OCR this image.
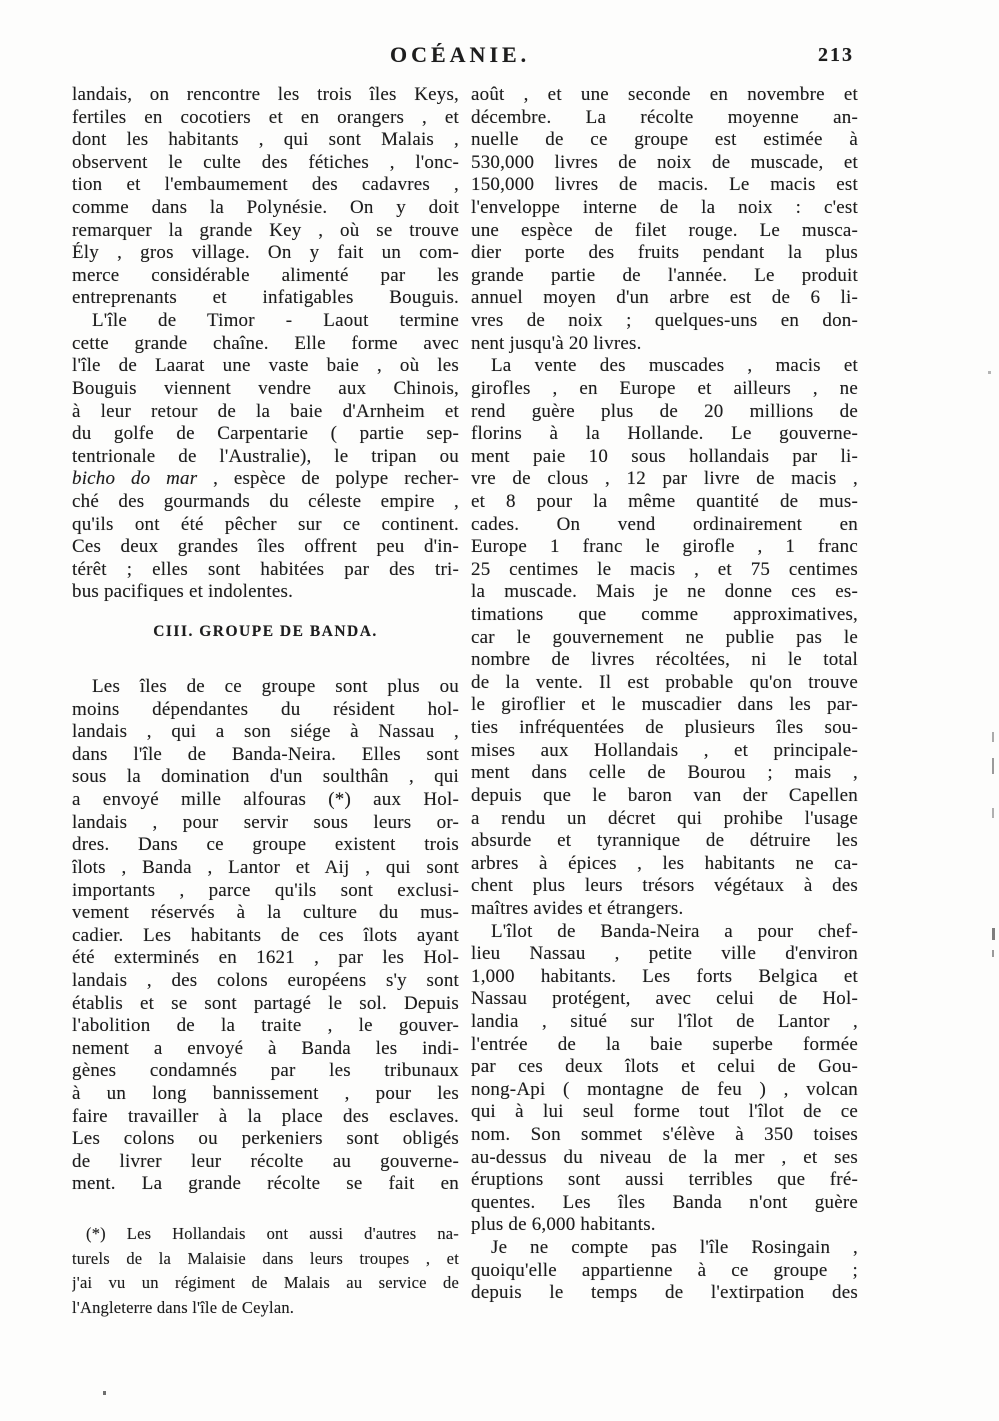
OCÉANIE.	213
landais, on rencontre les trois îles Keys,
fertiles en cocotiers et en orangers , et
dont les habitants , qui sont Malais ,
observent le culte des fétiches , l'onc-
tion et l'embaumement des cadavres ,
comme dans la Polynésie. On y doit
remarquer la grande Key , où se trouve
Ély , gros village. On y fait un com-
merce considérable alimenté par les
entreprenants et infatigables Bouguis.
L'île de Timor - Laout termine
cette grande chaîne. Elle forme avec
l'île de Laarat une vaste baie , où les
Bouguis viennent vendre aux Chinois,
à leur retour de la baie d'Arnheim et
du golfe de Carpentarie ( partie sep-
tentrionale de l'Australie), le tripan ou
bicho do mar , espèce de polype recher-
ché des gourmands du céleste empire ,
qu'ils ont été pêcher sur ce continent.
Ces deux grandes îles offrent peu d'in-
térêt ; elles sont habitées par des tri-
bus pacifiques et indolentes.
CIII. GROUPE DE BANDA.
Les îles de ce groupe sont plus ou
moins dépendantes du résident hol-
landais , qui a son siége à Nassau ,
dans l'île de Banda-Neira. Elles sont
sous la domination d'un soulthân , qui
a envoyé mille alfouras (*) aux Hol-
landais , pour servir sous leurs or-
dres. Dans ce groupe existent trois
îlots , Banda , Lantor et Aij , qui sont
importants , parce qu'ils sont exclusi-
vement réservés à la culture du mus-
cadier. Les habitants de ces îlots ayant
été exterminés en 1621 , par les Hol-
landais , des colons européens s'y sont
établis et se sont partagé le sol. Depuis
l'abolition de la traite , le gouver-
nement a envoyé à Banda les indi-
gènes condamnés par les tribunaux
à un long bannissement , pour les
faire travailler à la place des esclaves.
Les colons ou perkeniers sont obligés
de livrer leur récolte au gouverne-
ment. La grande récolte se fait en
(*) Les Hollandais ont aussi d'autres na-
turels de la Malaisie dans leurs troupes , et
j'ai vu un régiment de Malais au service de
l'Angleterre dans l'île de Ceylan.
août , et une seconde en novembre et
décembre. La récolte moyenne an-
nuelle de ce groupe est estimée à
530,000 livres de noix de muscade, et
150,000 livres de macis. Le macis est
l'enveloppe interne de la noix : c'est
une espèce de filet rouge. Le musca-
dier porte des fruits pendant la plus
grande partie de l'année. Le produit
annuel moyen d'un arbre est de 6 li-
vres de noix ; quelques-uns en don-
nent jusqu'à 20 livres.
La vente des muscades , macis et
girofles , en Europe et ailleurs , ne
rend guère plus de 20 millions de
florins à la Hollande. Le gouverne-
ment paie 10 sous hollandais par li-
vre de clous , 12 par livre de macis ,
et 8 pour la même quantité de mus-
cades. On vend ordinairement en
Europe 1 franc le girofle , 1 franc
25 centimes le macis , et 75 centimes
la muscade. Mais je ne donne ces es-
timations que comme approximatives,
car le gouvernement ne publie pas le
nombre de livres récoltées, ni le total
de la vente. Il est probable qu'on trouve
le giroflier et le muscadier dans les par-
ties infréquentées de plusieurs îles sou-
mises aux Hollandais , et principale-
ment dans celle de Bourou ; mais ,
depuis que le baron van der Capellen
a rendu un décret qui prohibe l'usage
absurde et tyrannique de détruire les
arbres à épices , les habitants ne ca-
chent plus leurs trésors végétaux à des
maîtres avides et étrangers.
L'îlot de Banda-Neira a pour chef-
lieu Nassau , petite ville d'environ
1,000 habitants. Les forts Belgica et
Nassau protégent, avec celui de Hol-
landia , situé sur l'îlot de Lantor ,
l'entrée de la baie superbe formée
par ces deux îlots et celui de Gou-
nong-Api ( montagne de feu ) , volcan
qui à lui seul forme tout l'îlot de ce
nom. Son sommet s'élève à 350 toises
au-dessus du niveau de la mer , et ses
éruptions sont aussi terribles que fré-
quentes. Les îles Banda n'ont guère
plus de 6,000 habitants.
Je ne compte pas l'île Rosingain ,
quoiqu'elle appartienne à ce groupe ;
depuis le temps de l'extirpation des
